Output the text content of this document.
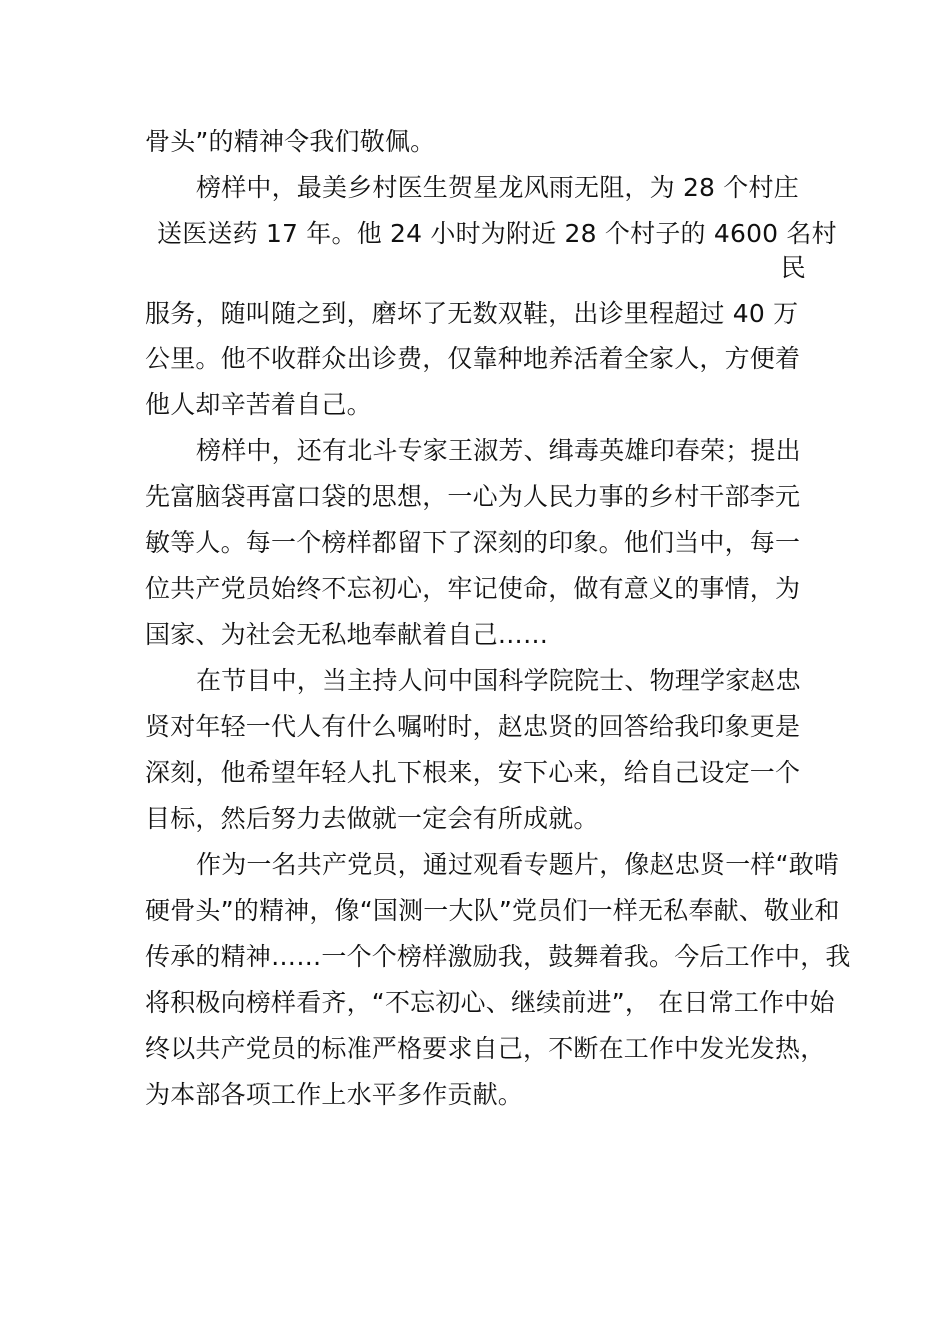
骨头”的精神令我们敬佩。
榜样中，最美乡村医生贺星龙风雨无阻，为 28 个村庄
送医送药 17 年。他 24 小时为附近 28 个村子的 4600 名村
民
服务，随叫随之到，磨坏了无数双鞋，出诊里程超过 40 万
公里。他不收群众出诊费，仅靠种地养活着全家人，方便着
他人却辛苦着自己。
榜样中，还有北斗专家王淑芳、缉毒英雄印春荣；提出
先富脑袋再富口袋的思想，一心为人民力事的乡村干部李元
敏等人。每一个榜样都留下了深刻的印象。他们当中，每一
位共产党员始终不忘初心，牢记使命，做有意义的事情，为
国家、为社会无私地奉献着自己……
在节目中，当主持人问中国科学院院士、物理学家赵忠
贤对年轻一代人有什么嘱咐时，赵忠贤的回答给我印象更是
深刻，他希望年轻人扎下根来，安下心来，给自己设定一个
目标，然后努力去做就一定会有所成就。
作为一名共产党员，通过观看专题片，像赵忠贤一样“敢啃
硬骨头”的精神，像“国测一大队”党员们一样无私奉献、敬业和
传承的精神……一个个榜样激励我，鼓舞着我。今后工作中，我
将积极向榜样看齐，“不忘初心、继续前进”， 在日常工作中始
终以共产党员的标准严格要求自己，不断在工作中发光发热，
为本部各项工作上水平多作贡献。
